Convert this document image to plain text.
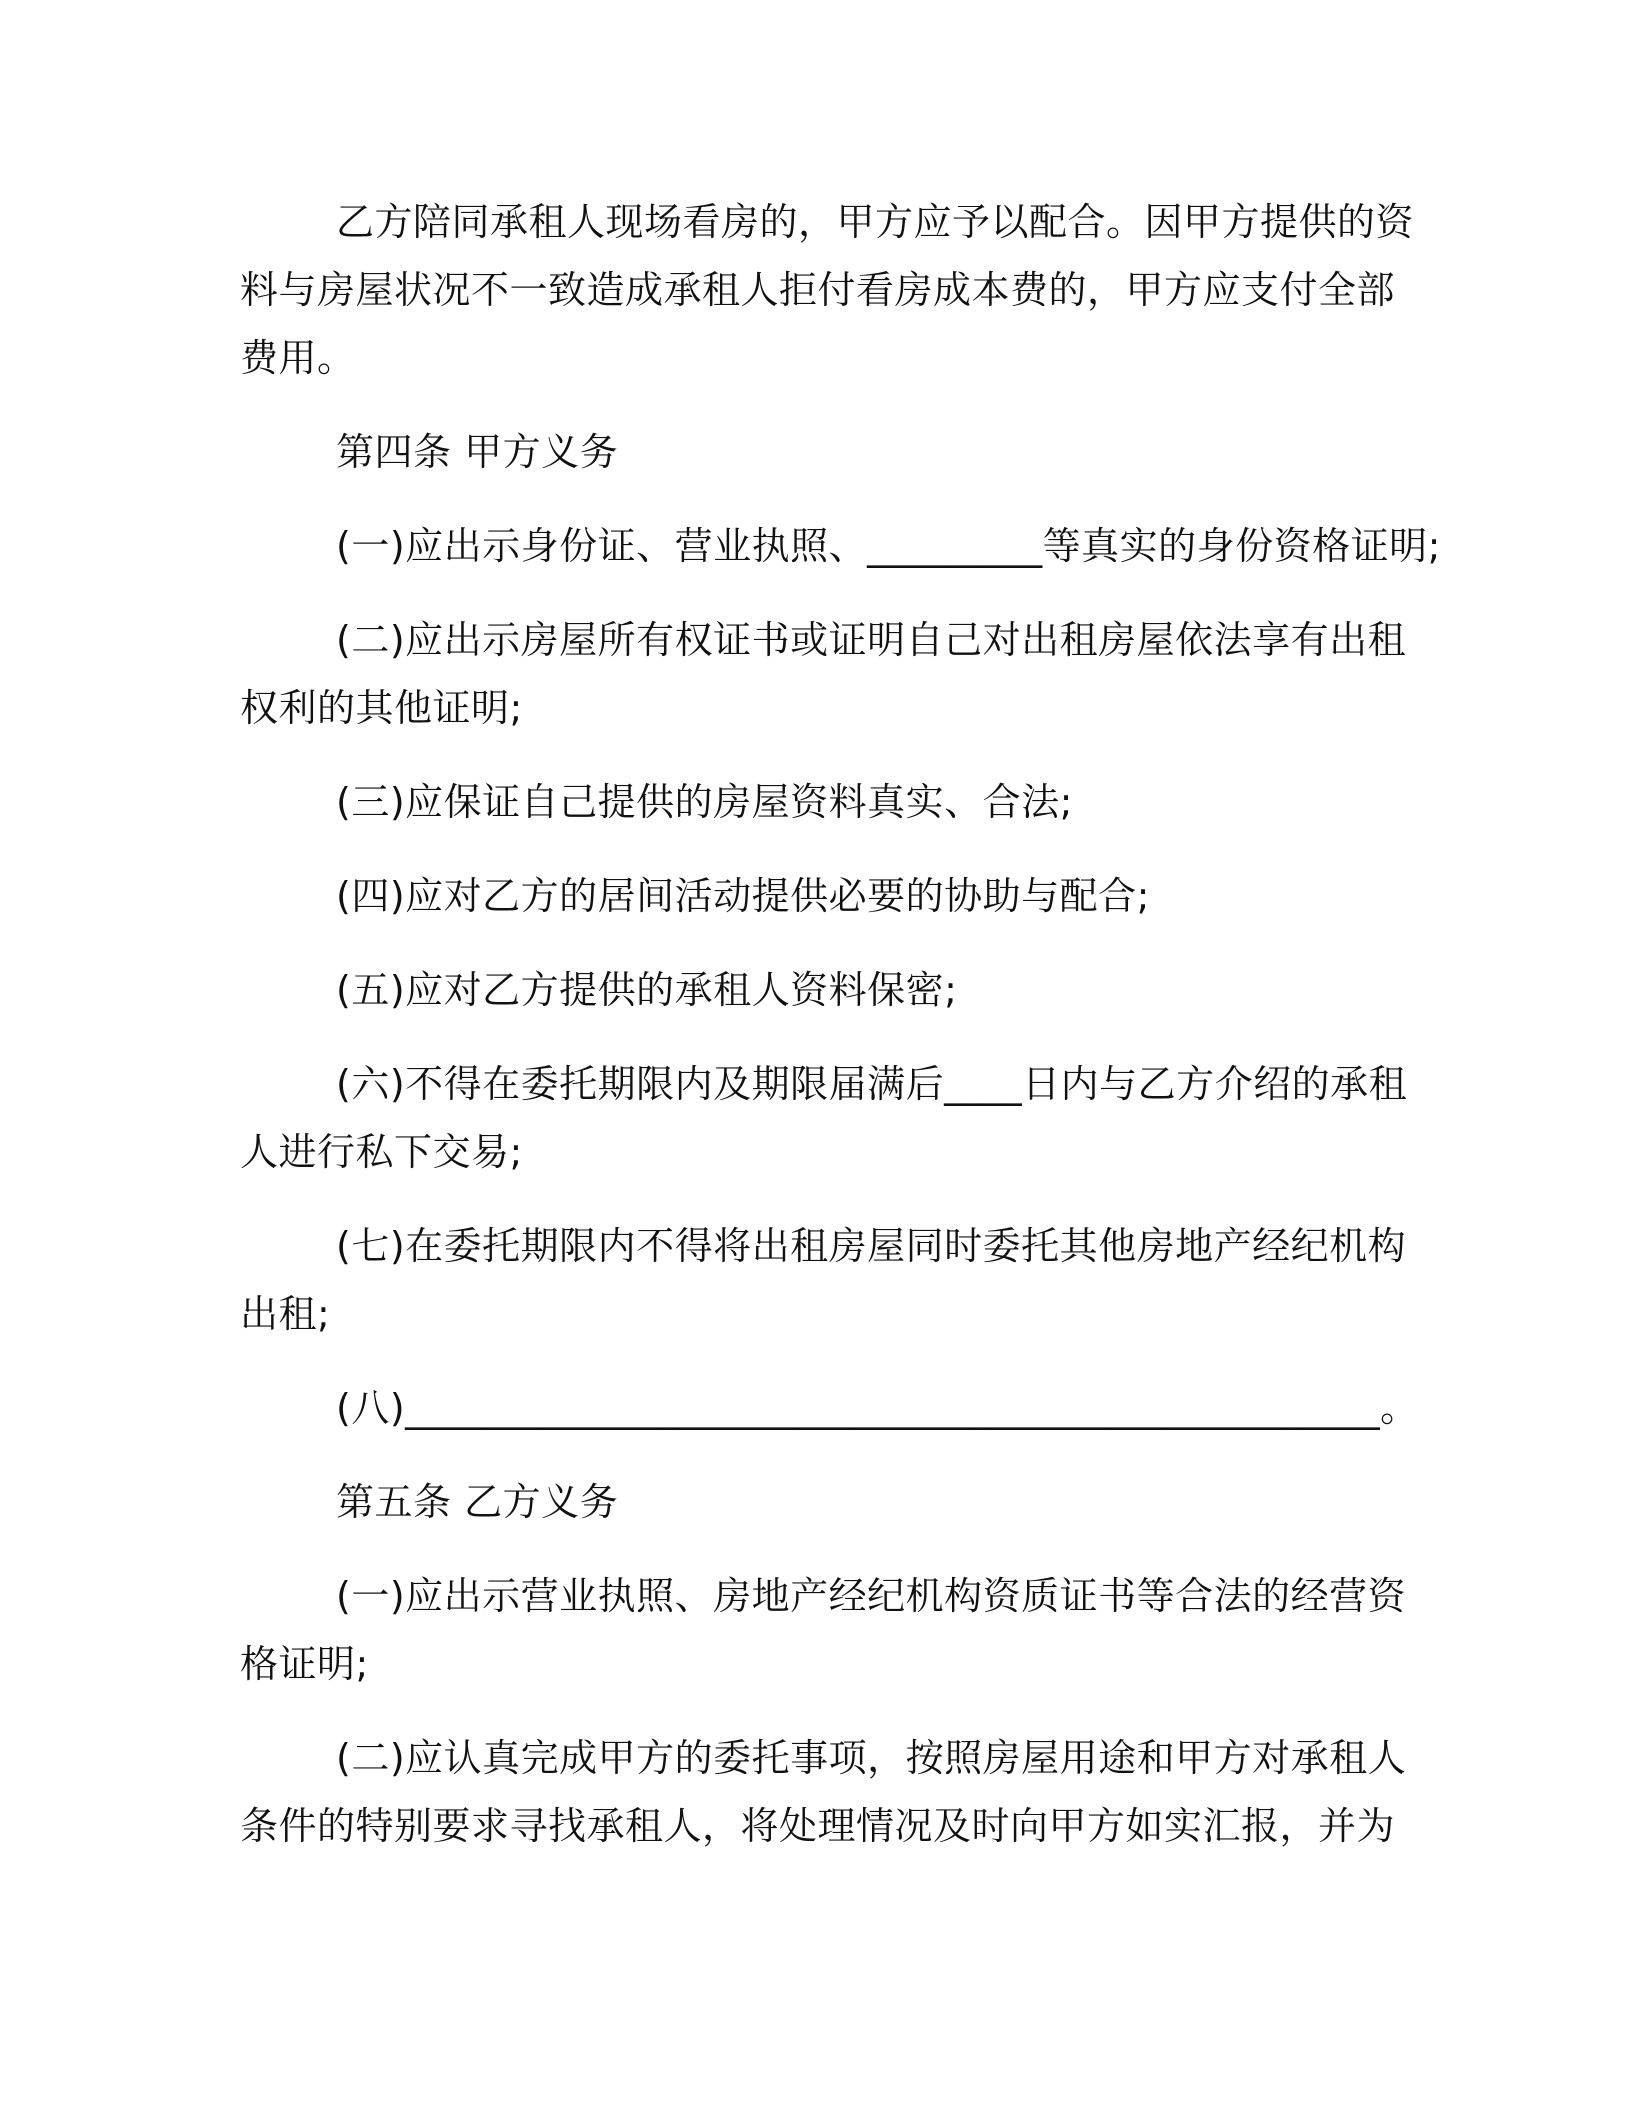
乙方陪同承租人现场看房的，甲方应予以配合。因甲方提供的资料与房屋状况不一致造成承租人拒付看房成本费的，甲方应支付全部费用。

第四条 甲方义务

(一)应出示身份证、营业执照、_________等真实的身份资格证明;

(二)应出示房屋所有权证书或证明自己对出租房屋依法享有出租权利的其他证明;

(三)应保证自己提供的房屋资料真实、合法;

(四)应对乙方的居间活动提供必要的协助与配合;

(五)应对乙方提供的承租人资料保密;

(六)不得在委托期限内及期限届满后____日内与乙方介绍的承租人进行私下交易;

(七)在委托期限内不得将出租房屋同时委托其他房地产经纪机构出租;

(八)__________________________________________________。

第五条 乙方义务

(一)应出示营业执照、房地产经纪机构资质证书等合法的经营资格证明;

(二)应认真完成甲方的委托事项，按照房屋用途和甲方对承租人条件的特别要求寻找承租人，将处理情况及时向甲方如实汇报，并为
